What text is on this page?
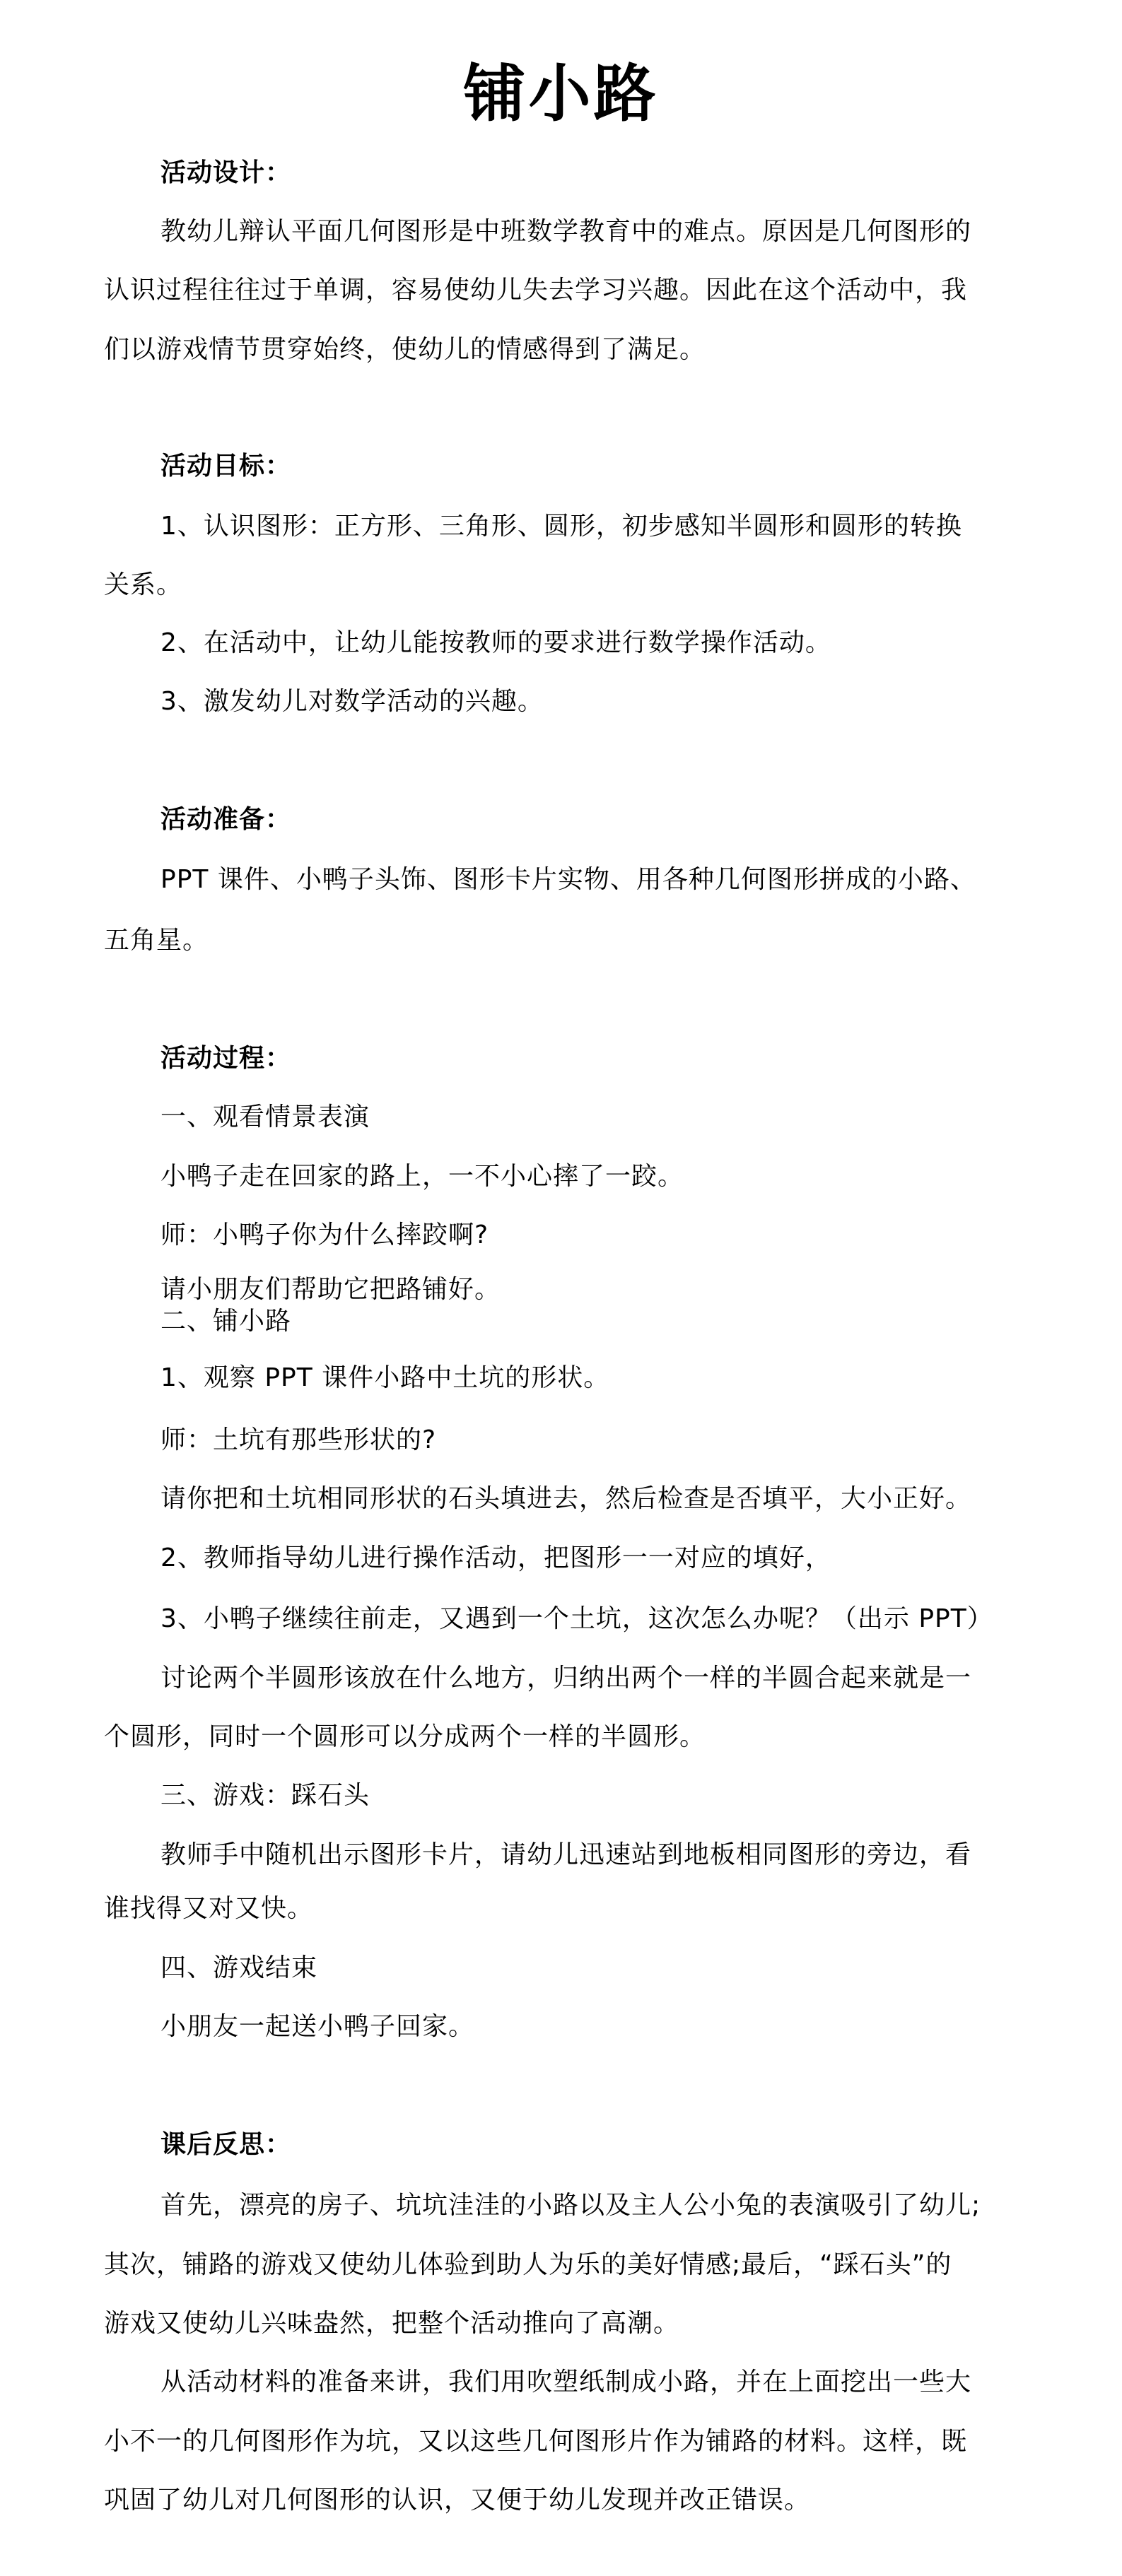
铺小路
活动设计：
教幼儿辩认平面几何图形是中班数学教育中的难点。原因是几何图形的
认识过程往往过于单调，容易使幼儿失去学习兴趣。因此在这个活动中，我
们以游戏情节贯穿始终，使幼儿的情感得到了满足。
活动目标：
1、认识图形：正方形、三角形、圆形，初步感知半圆形和圆形的转换
关系。
2、在活动中，让幼儿能按教师的要求进行数学操作活动。
3、激发幼儿对数学活动的兴趣。
活动准备：
PPT 课件、小鸭子头饰、图形卡片实物、用各种几何图形拼成的小路、
五角星。
活动过程：
一、观看情景表演
小鸭子走在回家的路上，一不小心摔了一跤。
师：小鸭子你为什么摔跤啊?
请小朋友们帮助它把路铺好。
二、铺小路
1、观察 PPT 课件小路中土坑的形状。
师：土坑有那些形状的?
请你把和土坑相同形状的石头填进去，然后检查是否填平，大小正好。
2、教师指导幼儿进行操作活动，把图形一一对应的填好，
3、小鸭子继续往前走，又遇到一个土坑，这次怎么办呢？（出示 PPT）
讨论两个半圆形该放在什么地方，归纳出两个一样的半圆合起来就是一
个圆形，同时一个圆形可以分成两个一样的半圆形。
三、游戏：踩石头
教师手中随机出示图形卡片，请幼儿迅速站到地板相同图形的旁边，看
谁找得又对又快。
四、游戏结束
小朋友一起送小鸭子回家。
课后反思：
首先，漂亮的房子、坑坑洼洼的小路以及主人公小兔的表演吸引了幼儿;
其次，铺路的游戏又使幼儿体验到助人为乐的美好情感;最后，“踩石头”的
游戏又使幼儿兴味盎然，把整个活动推向了高潮。
从活动材料的准备来讲，我们用吹塑纸制成小路，并在上面挖出一些大
小不一的几何图形作为坑，又以这些几何图形片作为铺路的材料。这样，既
巩固了幼儿对几何图形的认识，又便于幼儿发现并改正错误。
